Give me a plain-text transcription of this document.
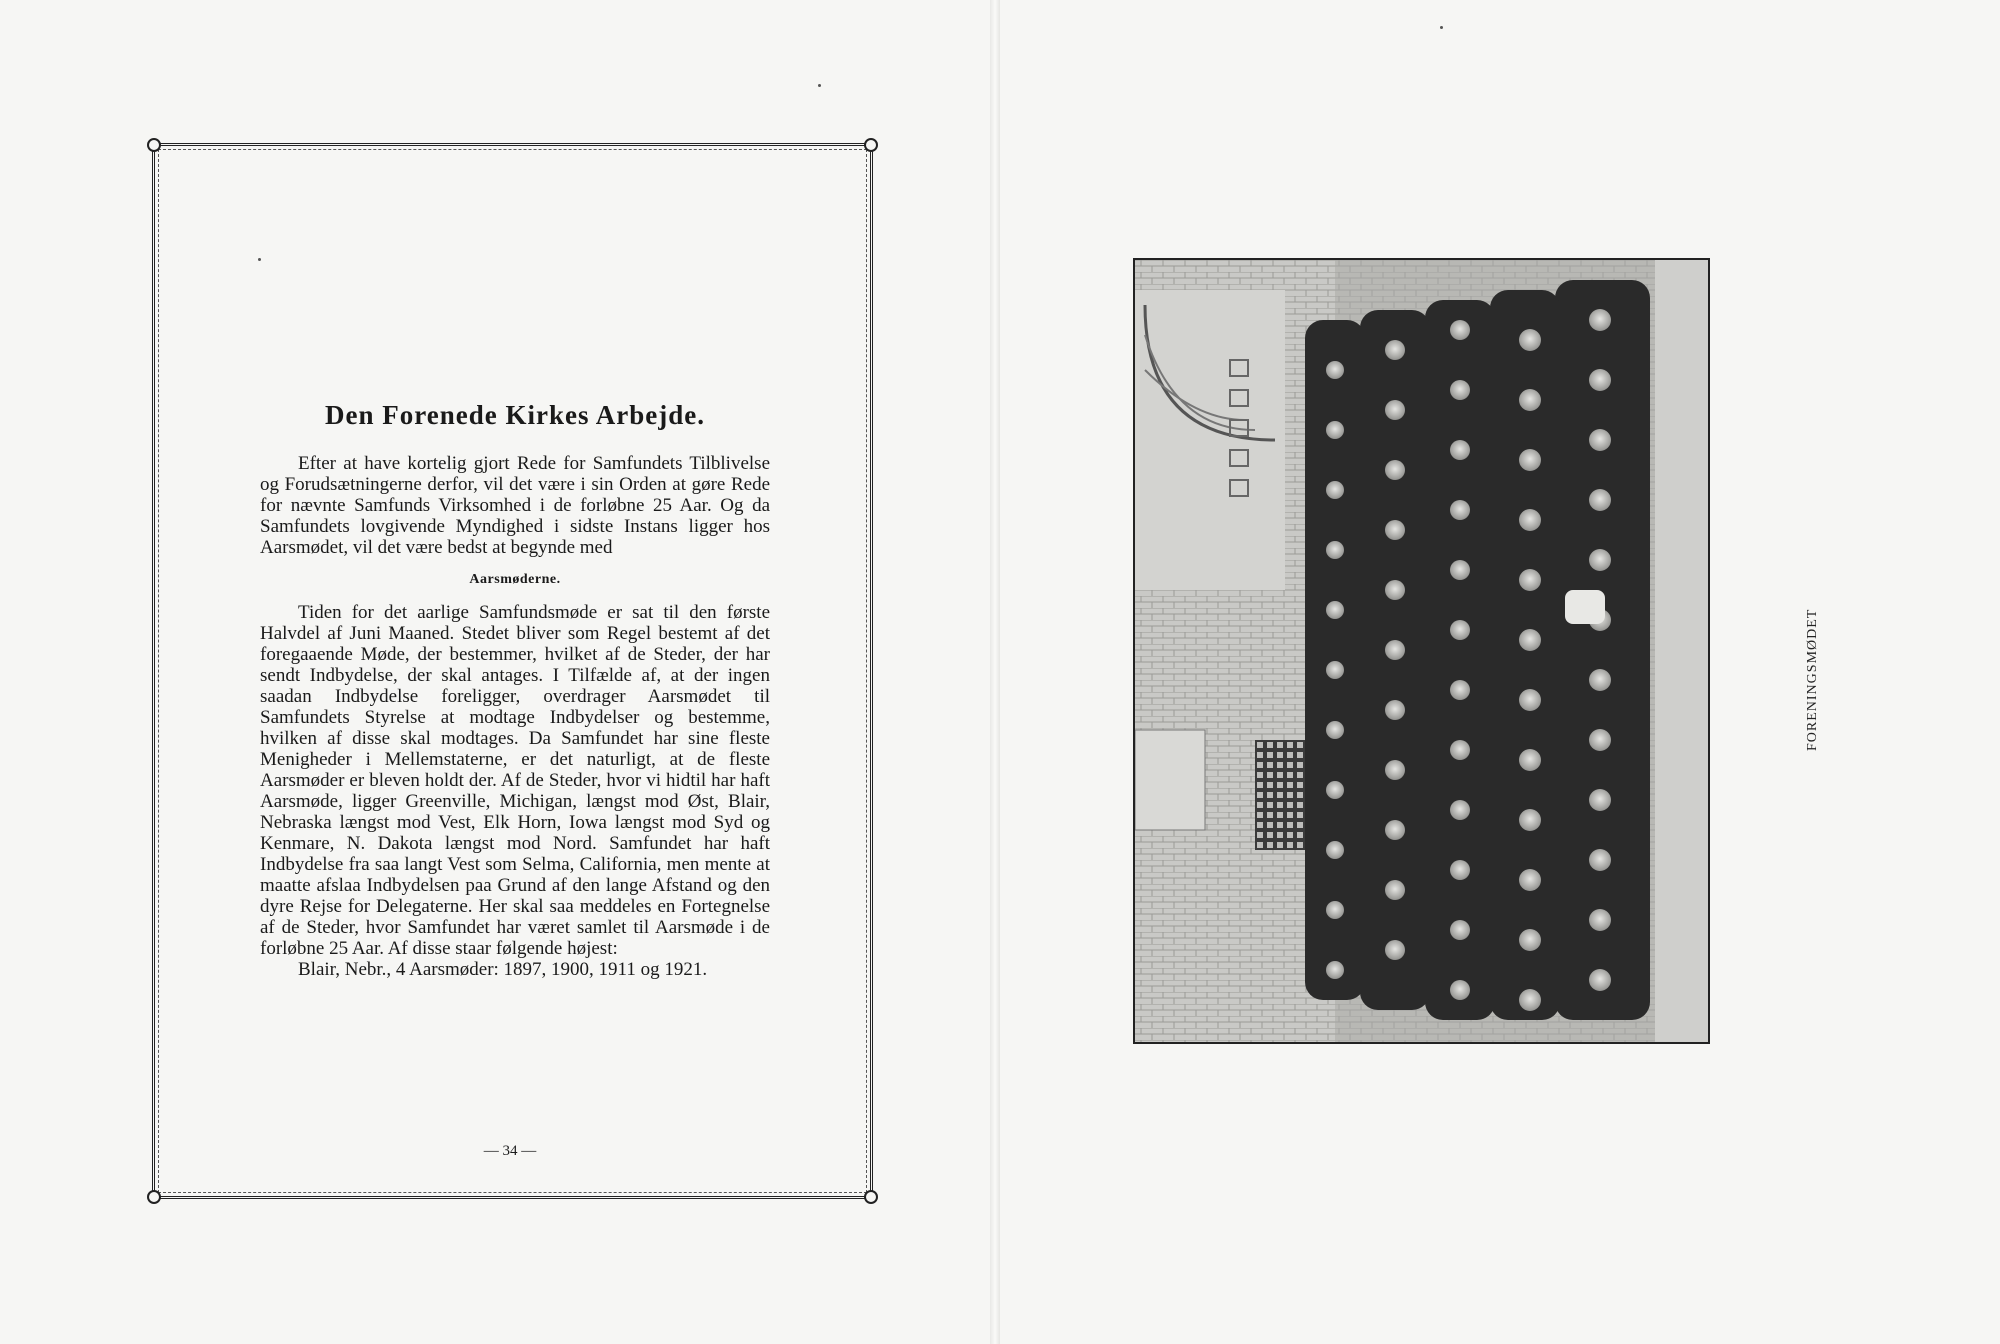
Den Forenede Kirkes Arbejde.

Efter at have kortelig gjort Rede for Samfundets Tilblivelse og Forudsætningerne derfor, vil det være i sin Orden at gøre Rede for nævnte Samfunds Virksomhed i de forløbne 25 Aar. Og da Samfundets lovgivende Myndighed i sidste Instans ligger hos Aarsmødet, vil det være bedst at begynde med

Aarsmøderne.

Tiden for det aarlige Samfundsmøde er sat til den første Halvdel af Juni Maaned. Stedet bliver som Regel bestemt af det foregaaende Møde, der bestemmer, hvilket af de Steder, der har sendt Indbydelse, der skal antages. I Tilfælde af, at der ingen saadan Indbydelse foreligger, overdrager Aarsmødet til Samfundets Styrelse at modtage Indbydelser og bestemme, hvilken af disse skal modtages. Da Samfundet har sine fleste Menigheder i Mellemstaterne, er det naturligt, at de fleste Aarsmøder er bleven holdt der. Af de Steder, hvor vi hidtil har haft Aarsmøde, ligger Greenville, Michigan, længst mod Øst, Blair, Nebraska længst mod Vest, Elk Horn, Iowa længst mod Syd og Kenmare, N. Dakota længst mod Nord. Samfundet har haft Indbydelse fra saa langt Vest som Selma, California, men mente at maatte afslaa Indbydelsen paa Grund af den lange Afstand og den dyre Rejse for Delegaterne. Her skal saa meddeles en Fortegnelse af de Steder, hvor Samfundet har været samlet til Aarsmøde i de forløbne 25 Aar. Af disse staar følgende højest:

Blair, Nebr., 4 Aarsmøder: 1897, 1900, 1911 og 1921.

— 34 —
FORENINGSMØDET
